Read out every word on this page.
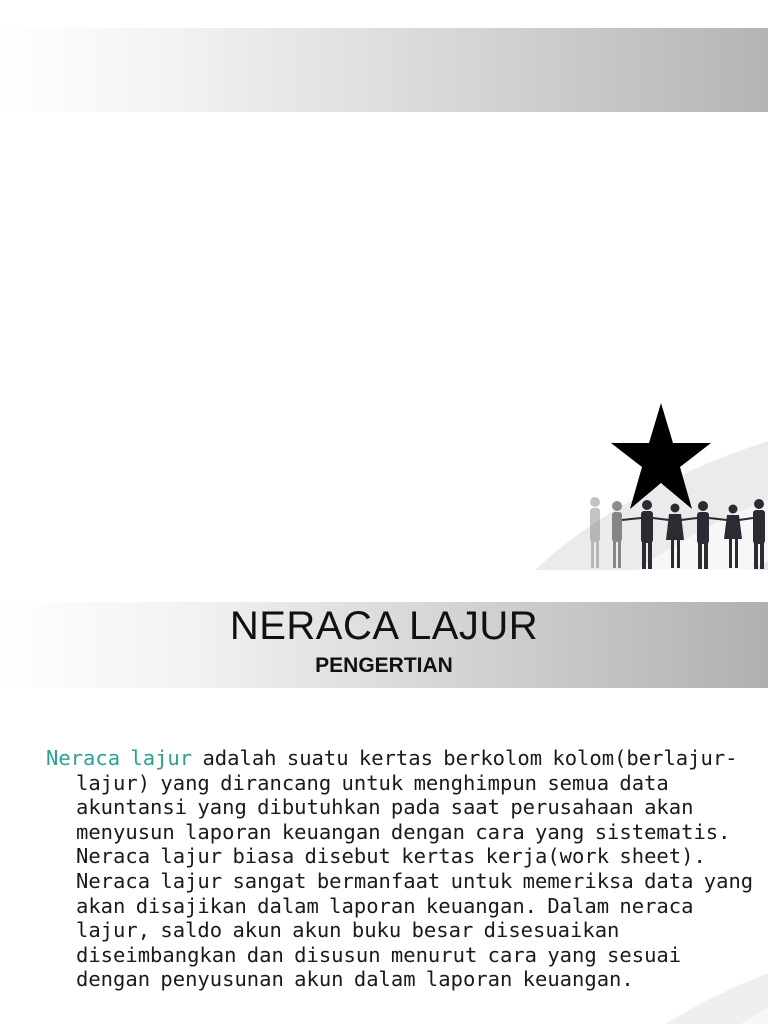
NERACA LAJUR
PENGERTIAN
Neraca lajur adalah suatu kertas berkolom kolom(berlajur-lajur) yang dirancang untuk menghimpun semua data akuntansi yang dibutuhkan pada saat perusahaan akan menyusun laporan keuangan dengan cara yang sistematis. Neraca lajur biasa disebut kertas kerja(work sheet). Neraca lajur sangat bermanfaat untuk memeriksa data yang akan disajikan dalam laporan keuangan. Dalam neraca lajur, saldo akun akun buku besar disesuaikan diseimbangkan dan disusun menurut cara yang sesuai dengan penyusunan akun dalam laporan keuangan.
